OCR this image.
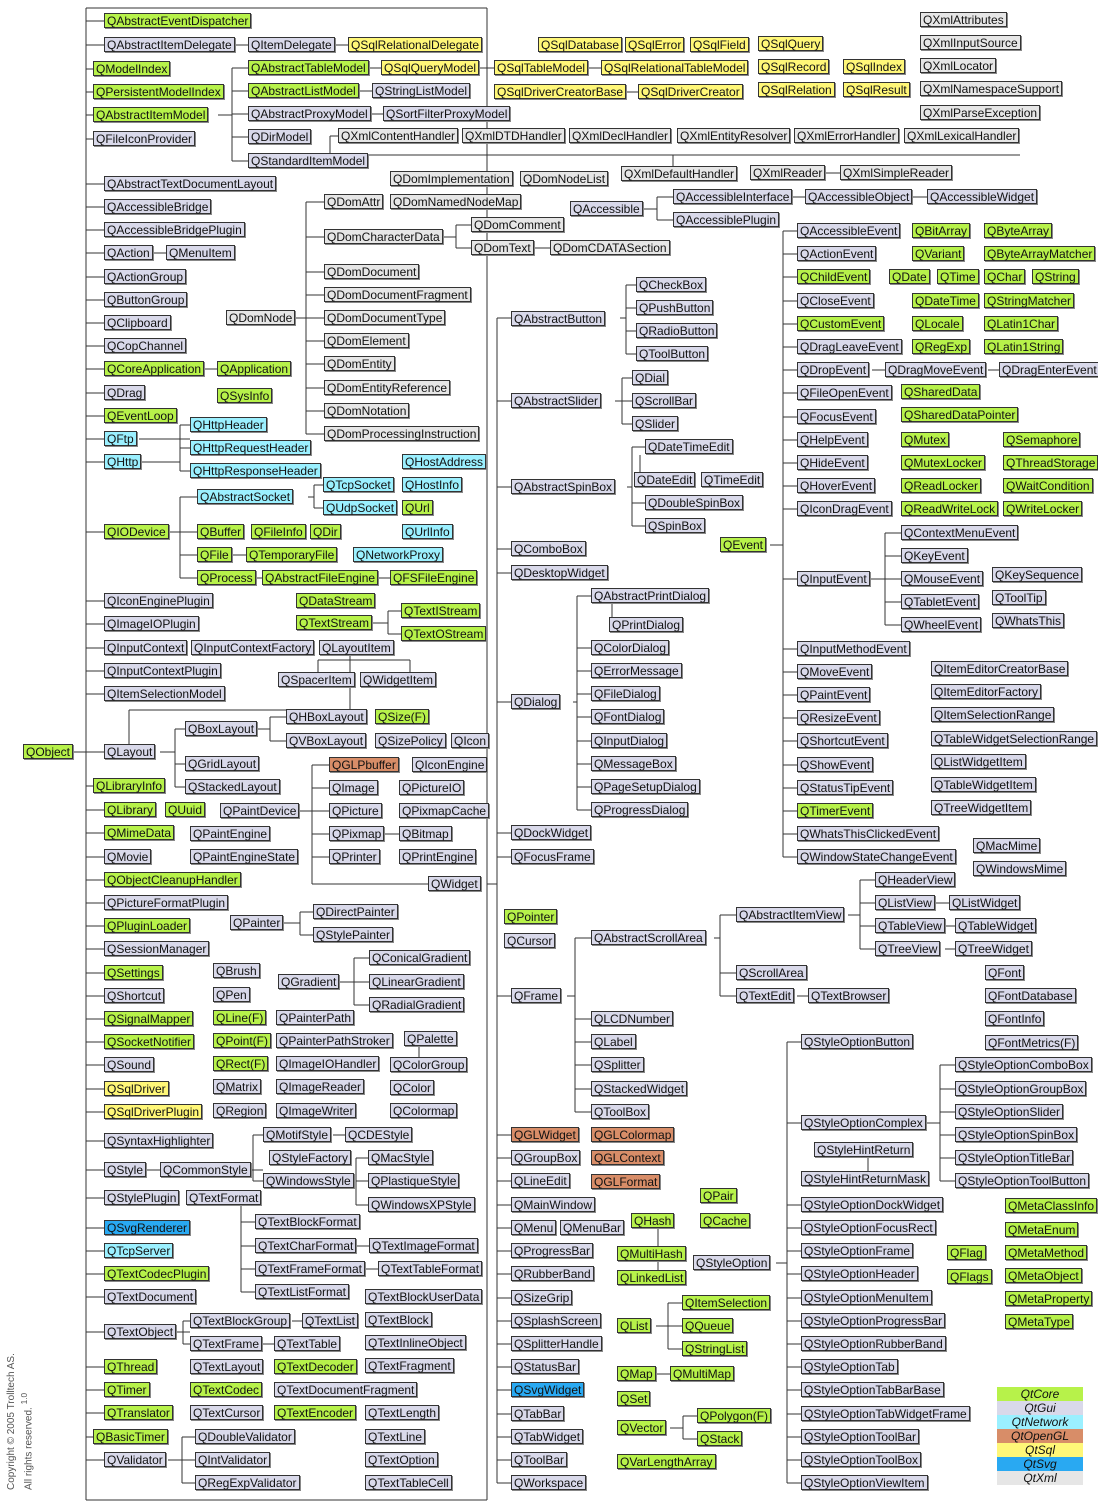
QObject
QAbstractEventDispatcher
QAbstractItemDelegate QItemDelegate QSqlRelationalDelegate
QModelIndex
QPersistentModelIndex
QAbstractItemModel
QAbstractTableModel
QAbstractListModel
QAbstractProxyModel
QDirModel
QStandardItemModel
QSqlQueryModel QSqlTableModel QSqlRelationalTableModel
QStringListModel
QSortFilterProxyModel
QFileIconProvider
QSqlDatabase QSqlError QSqlField QSqlQuery
QSqlRecord QSqlIndex
QSqlRelation QSqlResult
QSqlDriverCreatorBase QSqlDriverCreator
QXmlAttributes
QXmlInputSource
QXmlLocator
QXmlNamespaceSupport
QXmlParseException
QXmlContentHandler QXmlDTDHandler QXmlDeclHandler QXmlEntityResolver QXmlErrorHandler QXmlLexicalHandler
QXmlDefaultHandler QXmlReader QXmlSimpleReader
QAbstractTextDocumentLayout
QAccessibleBridge
QAccessibleBridgePlugin
QAction QMenuItem
QActionGroup
QButtonGroup
QClipboard
QCopChannel
QCoreApplication QApplication
QSysInfo
QDrag
QEventLoop
QFtp
QHttp
QHttpHeader
QHttpRequestHeader
QHttpResponseHeader
QDomImplementation QDomNodeList
QDomNamedNodeMap
QDomNode
QDomAttr
QDomCharacterData
QDomComment
QDomText QDomCDATASection
QDomDocument
QDomDocumentFragment
QDomDocumentType
QDomElement
QDomEntity
QDomEntityReference
QDomNotation
QDomProcessingInstruction
QAccessible
QAccessibleInterface QAccessibleObject QAccessibleWidget
QAccessiblePlugin
QAbstractButton
QCheckBox
QPushButton
QRadioButton
QToolButton
QAbstractSlider
QDial
QScrollBar
QSlider
QAbstractSpinBox
QDateTimeEdit
QDateEdit QTimeEdit
QDoubleSpinBox
QSpinBox
QComboBox
QDesktopWidget
QAccessibleEvent
QActionEvent
QChildEvent
QCloseEvent
QCustomEvent
QDragLeaveEvent
QDropEvent QDragMoveEvent QDragEnterEvent
QFileOpenEvent
QFocusEvent
QHelpEvent
QHideEvent
QHoverEvent
QIconDragEvent
QEvent
QInputEvent
QContextMenuEvent
QKeyEvent
QMouseEvent
QTabletEvent
QWheelEvent
QInputMethodEvent
QMoveEvent
QPaintEvent
QResizeEvent
QShortcutEvent
QShowEvent
QStatusTipEvent
QTimerEvent
QWhatsThisClickedEvent
QWindowStateChangeEvent
QBitArray QByteArray
QVariant QByteArrayMatcher
QDate QTime QChar QString
QDateTime QStringMatcher
QLocale QLatin1Char
QRegExp QLatin1String
QSharedData
QSharedDataPointer
QMutex	QSemaphore
QMutexLocker QThreadStorage
QReadLocker QWaitCondition
QReadWriteLock QWriteLocker
QKeySequence
QToolTip
QWhatsThis
QHostAddress
QHostInfo
QUrl
QUrlInfo
QNetworkProxy
QAbstractSocket
QTcpSocket
QUdpSocket
QIODevice	QBuffer QFileInfo QDir
QFile QTemporaryFile
QProcess QAbstractFileEngine QFSFileEngine
QIconEnginePlugin	QDataStream
QTextStream
QTextIStream
QTextOStream
QImageIOPlugin
QInputContext QInputContextFactory QLayoutItem
QInputContextPlugin
QSpacerItem QWidgetItem
QItemSelectionModel
QLayout
QBoxLayout
QHBoxLayout
QVBoxLayout
QSize(F)
QSizePolicy QIcon
QGridLayout
QStackedLayout
QGLPbuffer QIconEngine
QLibraryInfo
QLibrary QUuid QPaintDevice
QImage QPictureIO
QPicture QPixmapCache
QPixmap QBitmap
QPrinter QPrintEngine
QMimeData QPaintEngine
QMovie	QPaintEngineState
QObjectCleanupHandler	QWidget
QPictureFormatPlugin
QPluginLoader	QPainter
QDirectPainter
QStylePainter
QSessionManager
QSettings	QBrush
QGradient
QConicalGradient
QLinearGradient
QRadialGradient
QShortcut	QPen
QSignalMapper QLine(F) QPainterPath
QSocketNotifier QPoint(F) QPainterPathStroker QPalette
QSound	QRect(F) QImageIOHandler QColorGroup
QSqlDriver	QMatrix QImageReader	QColor
QSqlDriverPlugin QRegion QImageWriter	QColormap
QSyntaxHighlighter	QMotifStyle QCDEStyle
QStyleFactory
QStyle QCommonStyle
QMacStyle
QWindowsStyle QPlastiqueStyle
QWindowsXPStyle
QStylePlugin QTextFormat
QSvgRenderer	QTextBlockFormat
QTcpServer	QTextCharFormat QTextImageFormat
QTextCodecPlugin	QTextFrameFormat QTextTableFormat
QTextListFormat
QTextDocument	QTextBlockUserData
QTextObject
QTextBlockGroup QTextList QTextBlock
QTextFrame QTextTable	QTextInlineObject
QThread	QTextLayout QTextDecoder QTextFragment
QTimer	QTextCodec QTextDocumentFragment
QTranslator QTextCursor QTextEncoder QTextLength
QBasicTimer	QDoubleValidator	QTextLine
QValidator	QIntValidator	QTextOption
QRegExpValidator	QTextTableCell
QDialog
QAbstractPrintDialog
QPrintDialog
QColorDialog
QErrorMessage
QFileDialog
QFontDialog
QInputDialog
QMessageBox
QPageSetupDialog
QProgressDialog
QDockWidget
QFocusFrame
QPointer
QCursor	QAbstractScrollArea
QAbstractItemView
QHeaderView
QListView QListWidget
QTableView QTableWidget
QTreeView QTreeWidget
QScrollArea
QTextEdit QTextBrowser
QFrame
QLCDNumber
QLabel
QSplitter
QStackedWidget
QToolBox
QGLWidget QGLColormap
QGroupBox QGLContext
QLineEdit QGLFormat
QMainWindow
QMenu QMenuBar
QProgressBar
QRubberBand
QSizeGrip
QSplashScreen
QSplitterHandle
QStatusBar
QSvgWidget
QTabBar
QTabWidget
QToolBar
QWorkspace
QPair
QCache
QHash
QMultiHash
QLinkedList
QList
QItemSelection
QQueue
QStringList
QMap QMultiMap
QSet
QVector
QPolygon(F)
QStack
QVarLengthArray
QStyleOption
QStyleOptionButton
QStyleOptionComplex
QStyleOptionComboBox
QStyleOptionGroupBox
QStyleOptionSlider
QStyleOptionSpinBox
QStyleOptionTitleBar
QStyleOptionToolButton
QStyleHintReturn
QStyleHintReturnMask
QStyleOptionDockWidget
QStyleOptionFocusRect
QStyleOptionFrame
QStyleOptionHeader
QStyleOptionMenuItem
QStyleOptionProgressBar
QStyleOptionRubberBand
QStyleOptionTab
QStyleOptionTabBarBase
QStyleOptionTabWidgetFrame
QStyleOptionToolBar
QStyleOptionToolBox
QStyleOptionViewItem
QItemEditorCreatorBase
QItemEditorFactory
QItemSelectionRange
QTableWidgetSelectionRange
QListWidgetItem
QTableWidgetItem
QTreeWidgetItem
QMacMime
QWindowsMime
QFont
QFontDatabase
QFontInfo
QFontMetrics(F)
QFlag
QFlags
QMetaClassInfo
QMetaEnum
QMetaMethod
QMetaObject
QMetaProperty
QMetaType
QtCore
QtGui
QtNetwork
QtOpenGL
QtSql
QtSvg
QtXml
Copyright © 2005 Trolltech AS. All rights reserved. $^{1.0}$
